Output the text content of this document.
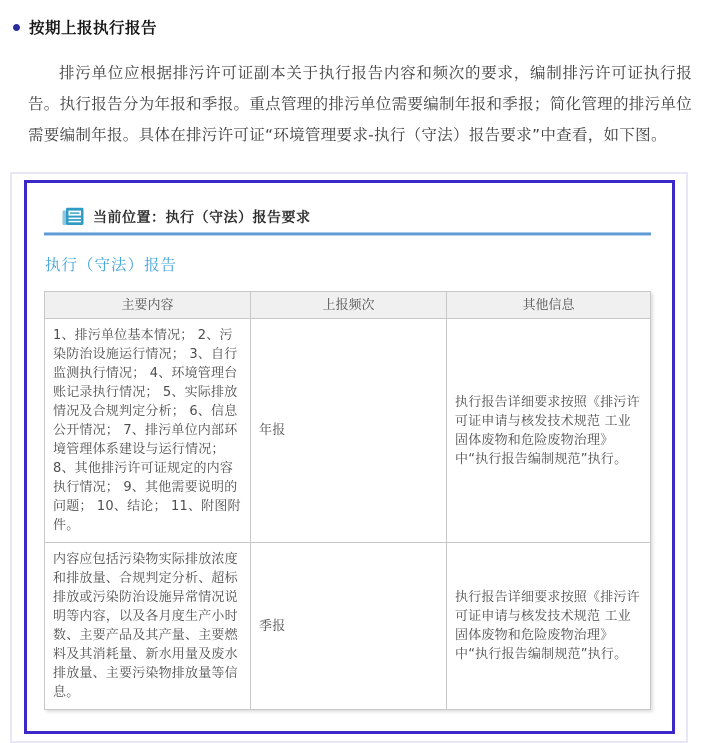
按期上报执行报告

排污单位应根据排污许可证副本关于执行报告内容和频次的要求，编制排污许可证执行报告。执行报告分为年报和季报。重点管理的排污单位需要编制年报和季报；简化管理的排污单位需要编制年报。具体在排污许可证“环境管理要求-执行（守法）报告要求”中查看，如下图。

当前位置：执行（守法）报告要求
执行（守法）报告
主要内容	上报频次	其他信息
1、排污单位基本情况； 2、污染防治设施运行情况； 3、自行监测执行情况； 4、环境管理台账记录执行情况； 5、实际排放情况及合规判定分析； 6、信息公开情况； 7、排污单位内部环境管理体系建设与运行情况； 8、其他排污许可证规定的内容执行情况； 9、其他需要说明的问题； 10、结论； 11、附图附件。	年报	执行报告详细要求按照《排污许可证申请与核发技术规范 工业固体废物和危险废物治理》中“执行报告编制规范”执行。
内容应包括污染物实际排放浓度和排放量、合规判定分析、超标排放或污染防治设施异常情况说明等内容，以及各月度生产小时数、主要产品及其产量、主要燃料及其消耗量、新水用量及废水排放量、主要污染物排放量等信息。	季报	执行报告详细要求按照《排污许可证申请与核发技术规范 工业固体废物和危险废物治理》中“执行报告编制规范”执行。
